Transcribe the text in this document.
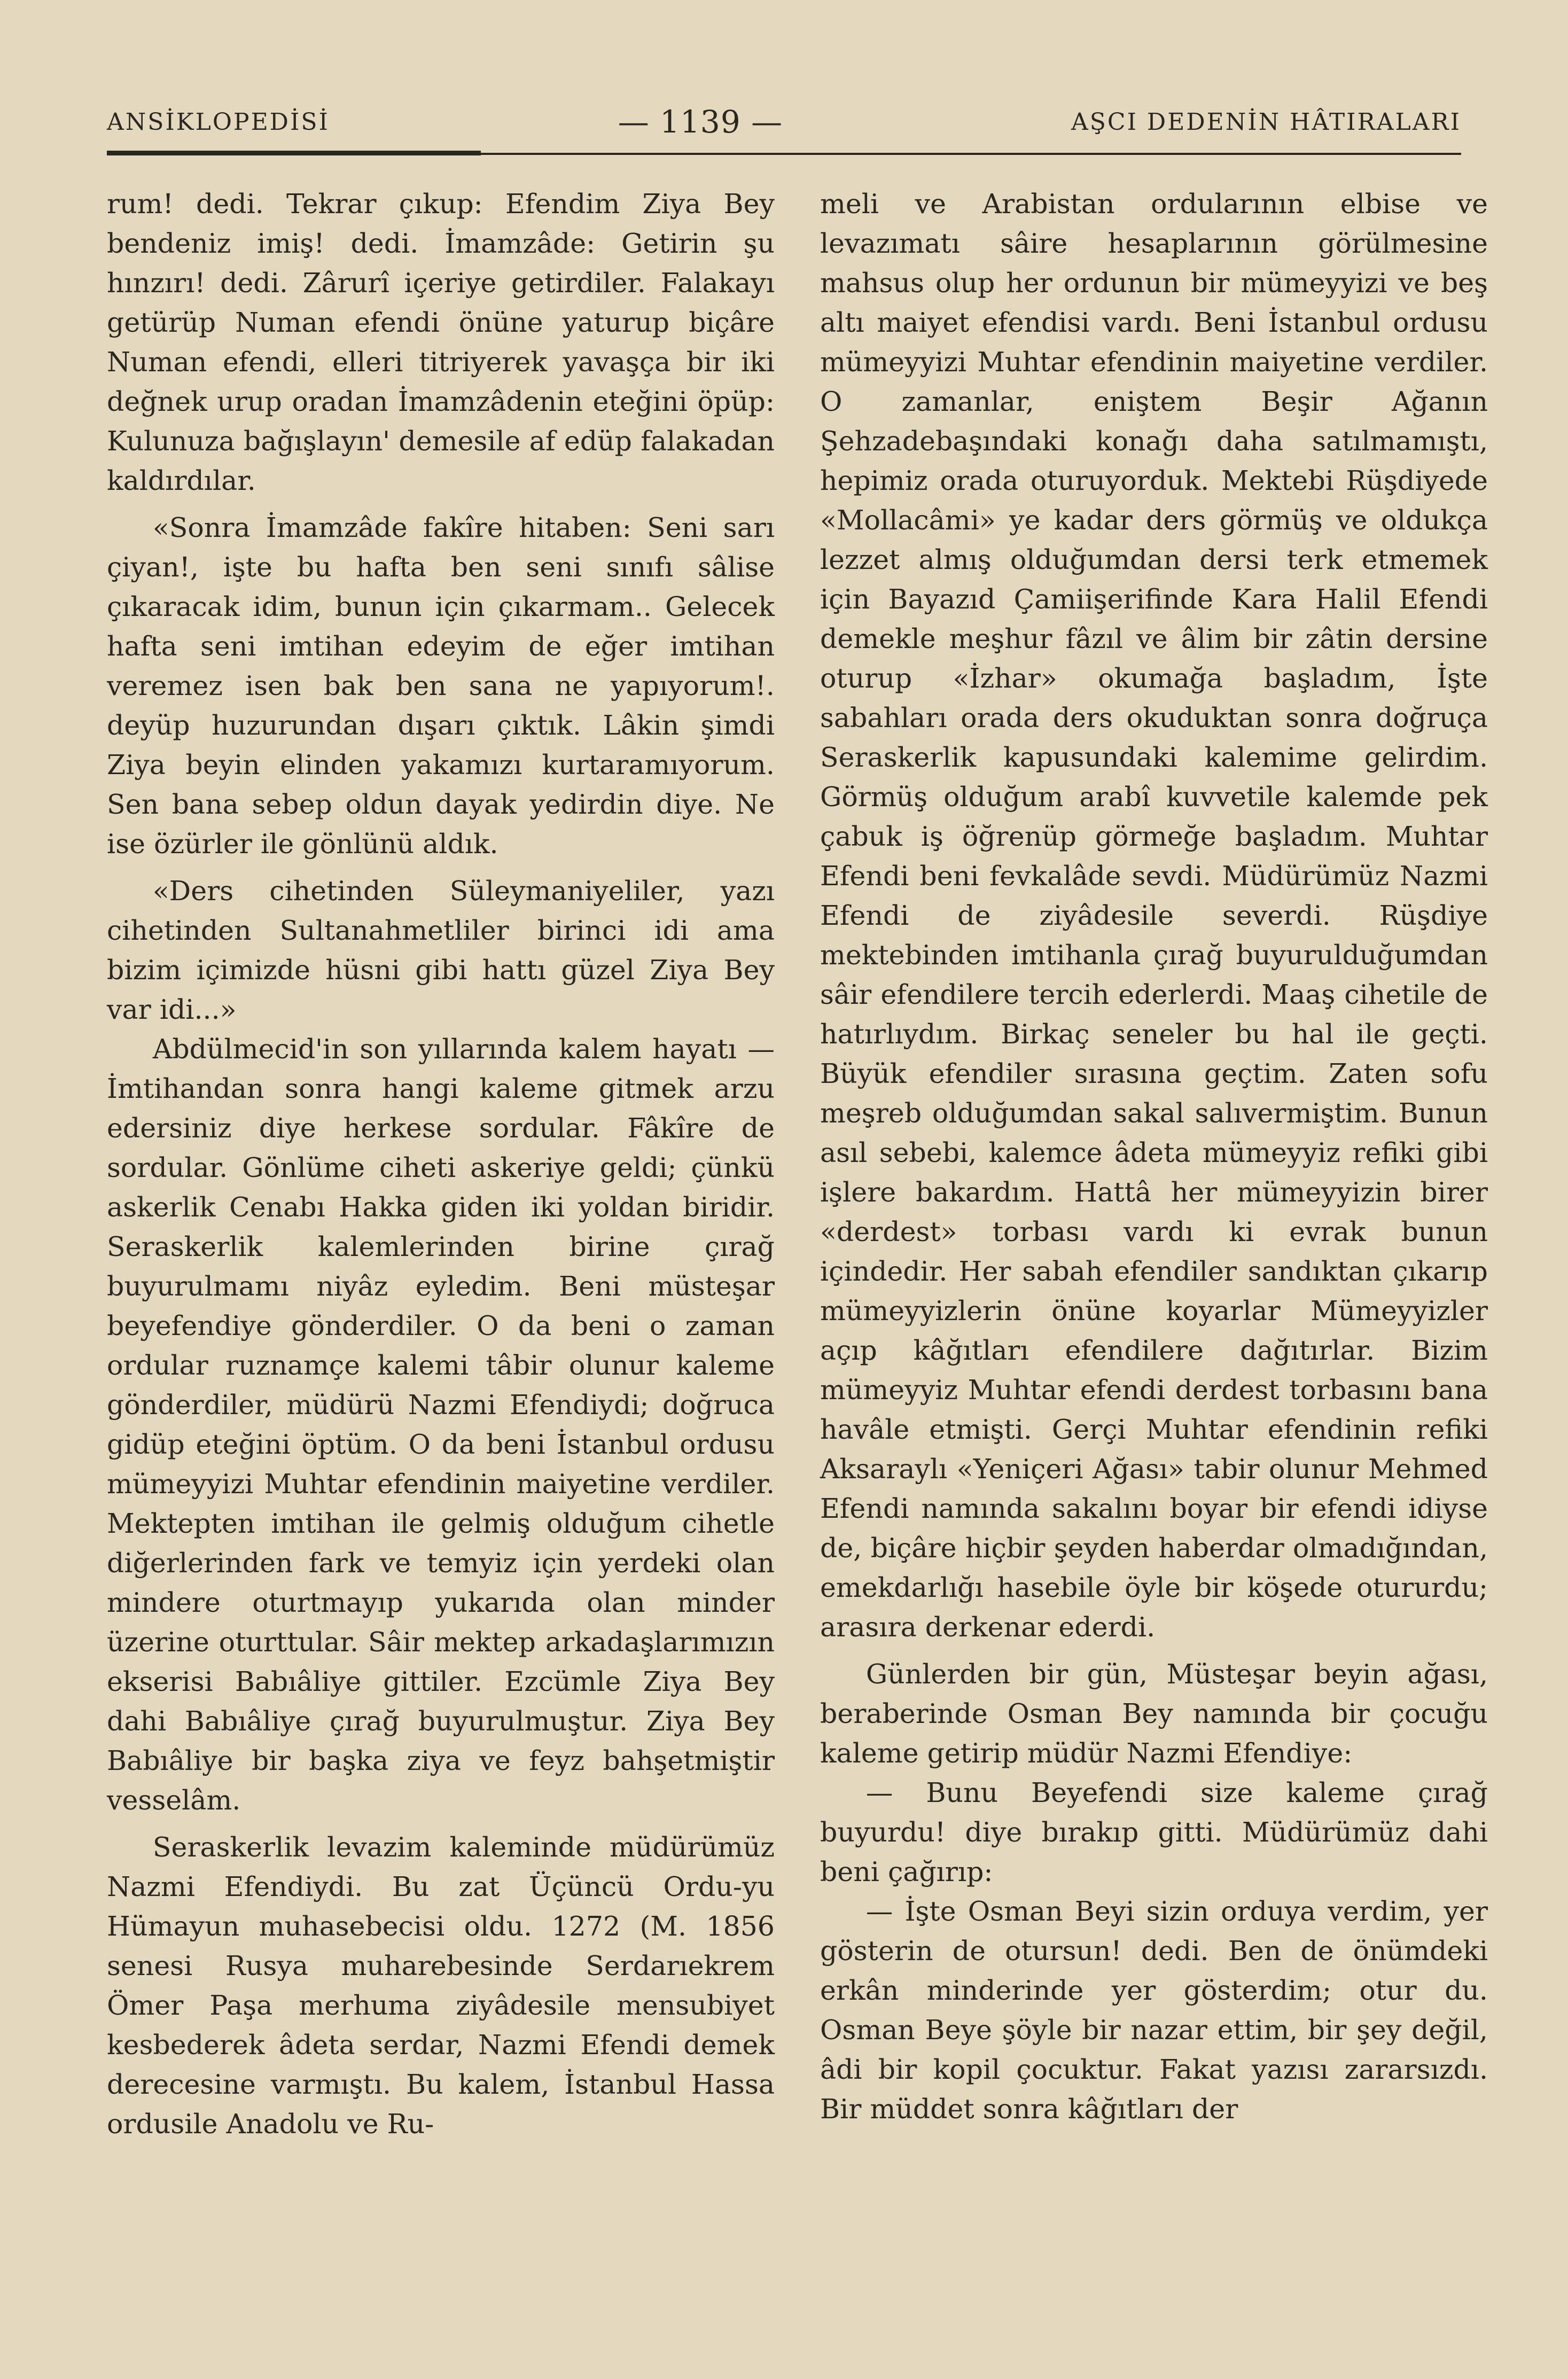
ANSİKLOPEDİSİ	— 1139 —	AŞCI DEDENİN HÂTIRALARI

rum! dedi. Tekrar çıkup: Efendim Ziya Bey bendeniz imiş! dedi. İmamzâde: Getirin şu hınzırı! dedi. Zârurî içeriye getirdiler. Falakayı getürüp Numan efendi önüne yaturup biçâre Numan efendi, elleri titriyerek yavaşça bir iki değnek urup oradan İmamzâdenin eteğini öpüp: Kulunuza bağışlayın' demesile af edüp falakadan kaldırdılar.

«Sonra İmamzâde fakîre hitaben: Seni sarı çiyan!, işte bu hafta ben seni sınıfı sâlise çıkaracak idim, bunun için çıkarmam.. Gelecek hafta seni imtihan edeyim de eğer imtihan veremez isen bak ben sana ne yapıyorum!. deyüp huzurundan dışarı çıktık. Lâkin şimdi Ziya beyin elinden yakamızı kurtaramıyorum. Sen bana sebep oldun dayak yedirdin diye. Ne ise özürler ile gönlünü aldık.

«Ders cihetinden Süleymaniyeliler, yazı cihetinden Sultanahmetliler birinci idi ama bizim içimizde hüsni gibi hattı güzel Ziya Bey var idi...»

Abdülmecid'in son yıllarında kalem hayatı — İmtihandan sonra hangi kaleme gitmek arzu edersiniz diye herkese sordular. Fâkîre de sordular. Gönlüme ciheti askeriye geldi; çünkü askerlik Cenabı Hakka giden iki yoldan biridir. Seraskerlik kalemlerinden birine çırağ buyurulmamı niyâz eyledim. Beni müsteşar beyefendiye gönderdiler. O da beni o zaman ordular ruznamçe kalemi tâbir olunur kaleme gönderdiler, müdürü Nazmi Efendiydi; doğruca gidüp eteğini öptüm. O da beni İstanbul ordusu mümeyyizi Muhtar efendinin maiyetine verdiler. Mektepten imtihan ile gelmiş olduğum cihetle diğerlerinden fark ve temyiz için yerdeki olan mindere oturtmayıp yukarıda olan minder üzerine oturttular. Sâir mektep arkadaşlarımızın ekserisi Babıâliye gittiler. Ezcümle Ziya Bey dahi Babıâliye çırağ buyurulmuştur. Ziya Bey Babıâliye bir başka ziya ve feyz bahşetmiştir vesselâm.

Seraskerlik levazim kaleminde müdürümüz Nazmi Efendiydi. Bu zat Üçüncü Ordu-yu Hümayun muhasebecisi oldu. 1272 (M. 1856 senesi Rusya muharebesinde Serdarıekrem Ömer Paşa merhuma ziyâdesile mensubiyet kesbederek âdeta serdar, Nazmi Efendi demek derecesine varmıştı. Bu kalem, İstanbul Hassa ordusile Anadolu ve Ru-

meli ve Arabistan ordularının elbise ve levazımatı sâire hesaplarının görülmesine mahsus olup her ordunun bir mümeyyizi ve beş altı maiyet efendisi vardı. Beni İstanbul ordusu mümeyyizi Muhtar efendinin maiyetine verdiler. O zamanlar, eniştem Beşir Ağanın Şehzadebaşındaki konağı daha satılmamıştı, hepimiz orada oturuyorduk. Mektebi Rüşdiyede «Mollacâmi» ye kadar ders görmüş ve oldukça lezzet almış olduğumdan dersi terk etmemek için Bayazıd Çamiişerifinde Kara Halil Efendi demekle meşhur fâzıl ve âlim bir zâtin dersine oturup «İzhar» okumağa başladım, İşte sabahları orada ders okuduktan sonra doğruça Seraskerlik kapusundaki kalemime gelirdim. Görmüş olduğum arabî kuvvetile kalemde pek çabuk iş öğrenüp görmeğe başladım. Muhtar Efendi beni fevkalâde sevdi. Müdürümüz Nazmi Efendi de ziyâdesile severdi. Rüşdiye mektebinden imtihanla çırağ buyurulduğumdan sâir efendilere tercih ederlerdi. Maaş cihetile de hatırlıydım. Birkaç seneler bu hal ile geçti. Büyük efendiler sırasına geçtim. Zaten sofu meşreb olduğumdan sakal salıvermiştim. Bunun asıl sebebi, kalemce âdeta mümeyyiz refiki gibi işlere bakardım. Hattâ her mümeyyizin birer «derdest» torbası vardı ki evrak bunun içindedir. Her sabah efendiler sandıktan çıkarıp mümeyyizlerin önüne koyarlar Mümeyyizler açıp kâğıtları efendilere dağıtırlar. Bizim mümeyyiz Muhtar efendi derdest torbasını bana havâle etmişti. Gerçi Muhtar efendinin refiki Aksaraylı «Yeniçeri Ağası» tabir olunur Mehmed Efendi namında sakalını boyar bir efendi idiyse de, biçâre hiçbir şeyden haberdar olmadığından, emekdarlığı hasebile öyle bir köşede otururdu; arasıra derkenar ederdi.

Günlerden bir gün, Müsteşar beyin ağası, beraberinde Osman Bey namında bir çocuğu kaleme getirip müdür Nazmi Efendiye:

— Bunu Beyefendi size kaleme çırağ buyurdu! diye bırakıp gitti. Müdürümüz dahi beni çağırıp:

— İşte Osman Beyi sizin orduya verdim, yer gösterin de otursun! dedi. Ben de önümdeki erkân minderinde yer gösterdim; otur du. Osman Beye şöyle bir nazar ettim, bir şey değil, âdi bir kopil çocuktur. Fakat yazısı zararsızdı. Bir müddet sonra kâğıtları der
